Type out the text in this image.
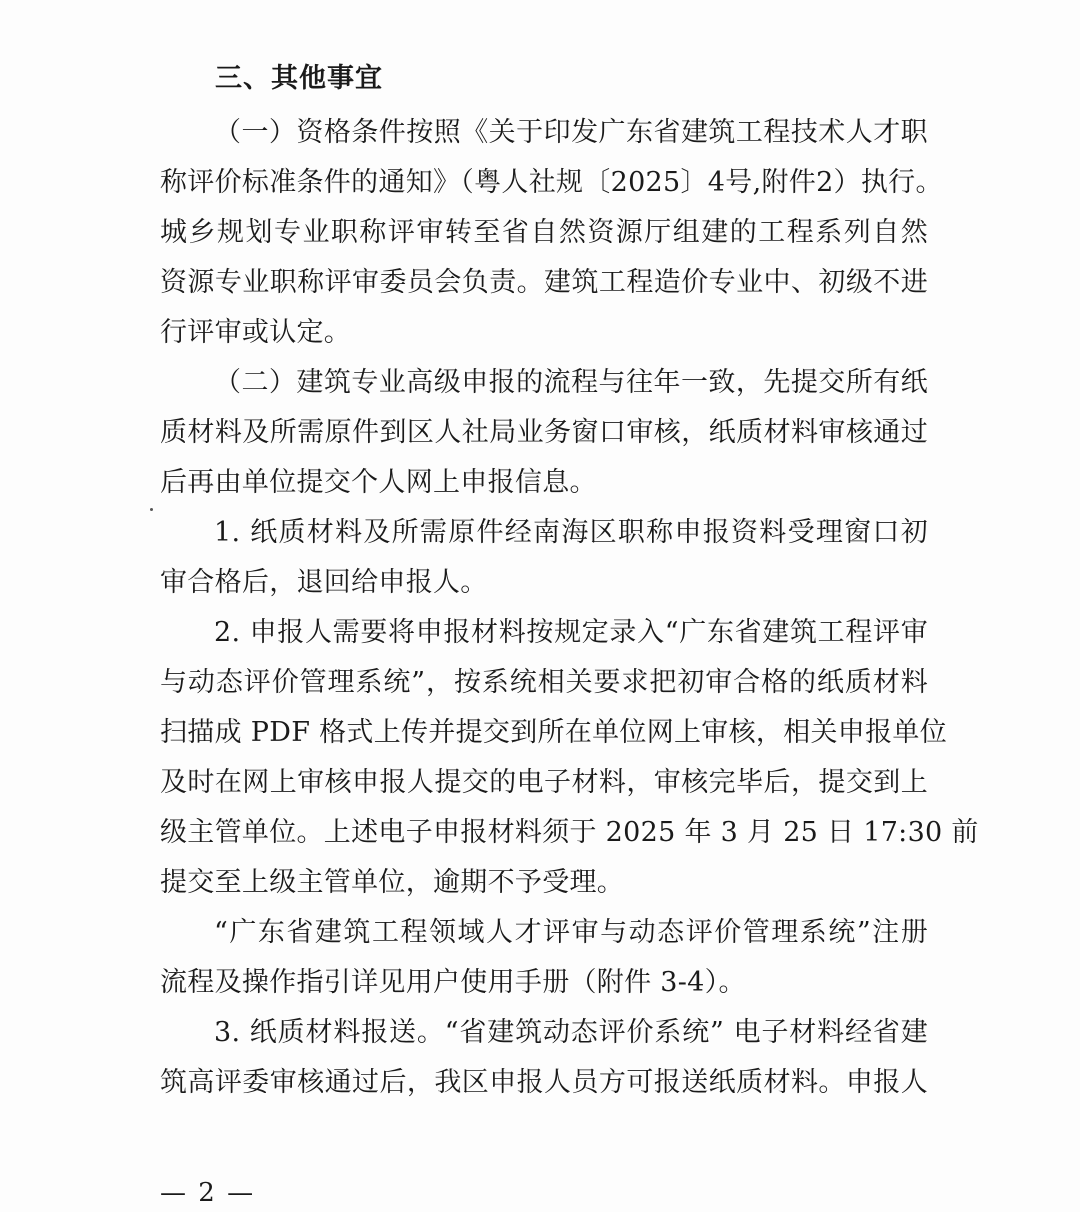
三、其他事宜
（一）资格条件按照《关于印发广东省建筑工程技术人才职
称评价标准条件的通知》（粤人社规〔2025〕4号,附件2）执行。
城乡规划专业职称评审转至省自然资源厅组建的工程系列自然
资源专业职称评审委员会负责。建筑工程造价专业中、初级不进
行评审或认定。
（二）建筑专业高级申报的流程与往年一致，先提交所有纸
质材料及所需原件到区人社局业务窗口审核，纸质材料审核通过
后再由单位提交个人网上申报信息。
1. 纸质材料及所需原件经南海区职称申报资料受理窗口初
审合格后，退回给申报人。
2. 申报人需要将申报材料按规定录入“广东省建筑工程评审
与动态评价管理系统”，按系统相关要求把初审合格的纸质材料
扫描成 PDF 格式上传并提交到所在单位网上审核，相关申报单位
及时在网上审核申报人提交的电子材料，审核完毕后，提交到上
级主管单位。上述电子申报材料须于 2025 年 3 月 25 日 17:30 前
提交至上级主管单位，逾期不予受理。
“广东省建筑工程领域人才评审与动态评价管理系统”注册
流程及操作指引详见用户使用手册（附件 3-4）。
3. 纸质材料报送。“省建筑动态评价系统” 电子材料经省建
筑高评委审核通过后，我区申报人员方可报送纸质材料。申报人
— 2 —
